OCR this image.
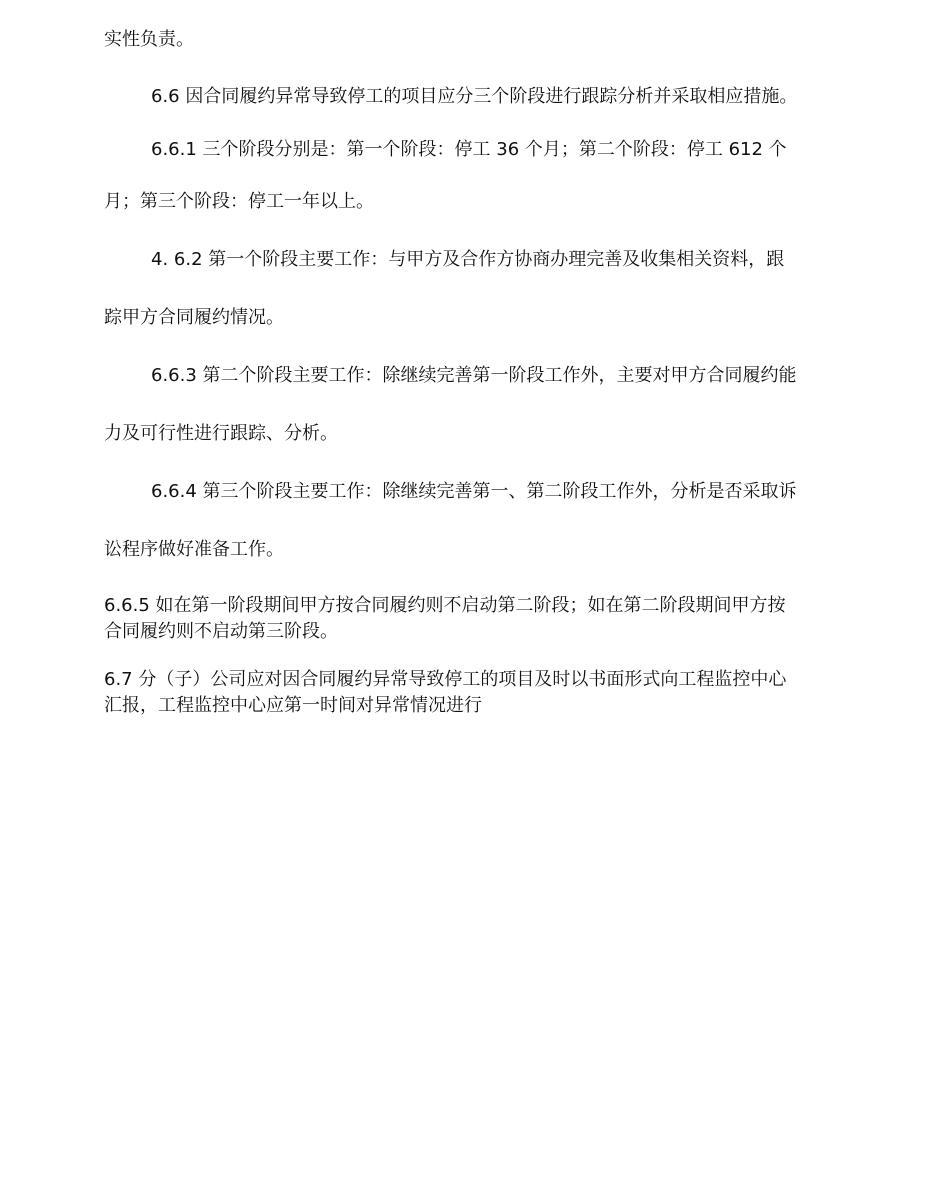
实性负责。
6.6 因合同履约异常导致停工的项目应分三个阶段进行跟踪分析并采取相应措施。
6.6.1 三个阶段分别是：第一个阶段：停工 36 个月；第二个阶段：停工 612 个
月；第三个阶段：停工一年以上。
4. 6.2 第一个阶段主要工作：与甲方及合作方协商办理完善及收集相关资料，跟
踪甲方合同履约情况。
6.6.3 第二个阶段主要工作：除继续完善第一阶段工作外，主要对甲方合同履约能
力及可行性进行跟踪、分析。
6.6.4 第三个阶段主要工作：除继续完善第一、第二阶段工作外，分析是否采取诉
讼程序做好准备工作。
6.6.5 如在第一阶段期间甲方按合同履约则不启动第二阶段；如在第二阶段期间甲方按
合同履约则不启动第三阶段。
6.7 分（子）公司应对因合同履约异常导致停工的项目及时以书面形式向工程监控中心
汇报，工程监控中心应第一时间对异常情况进行
